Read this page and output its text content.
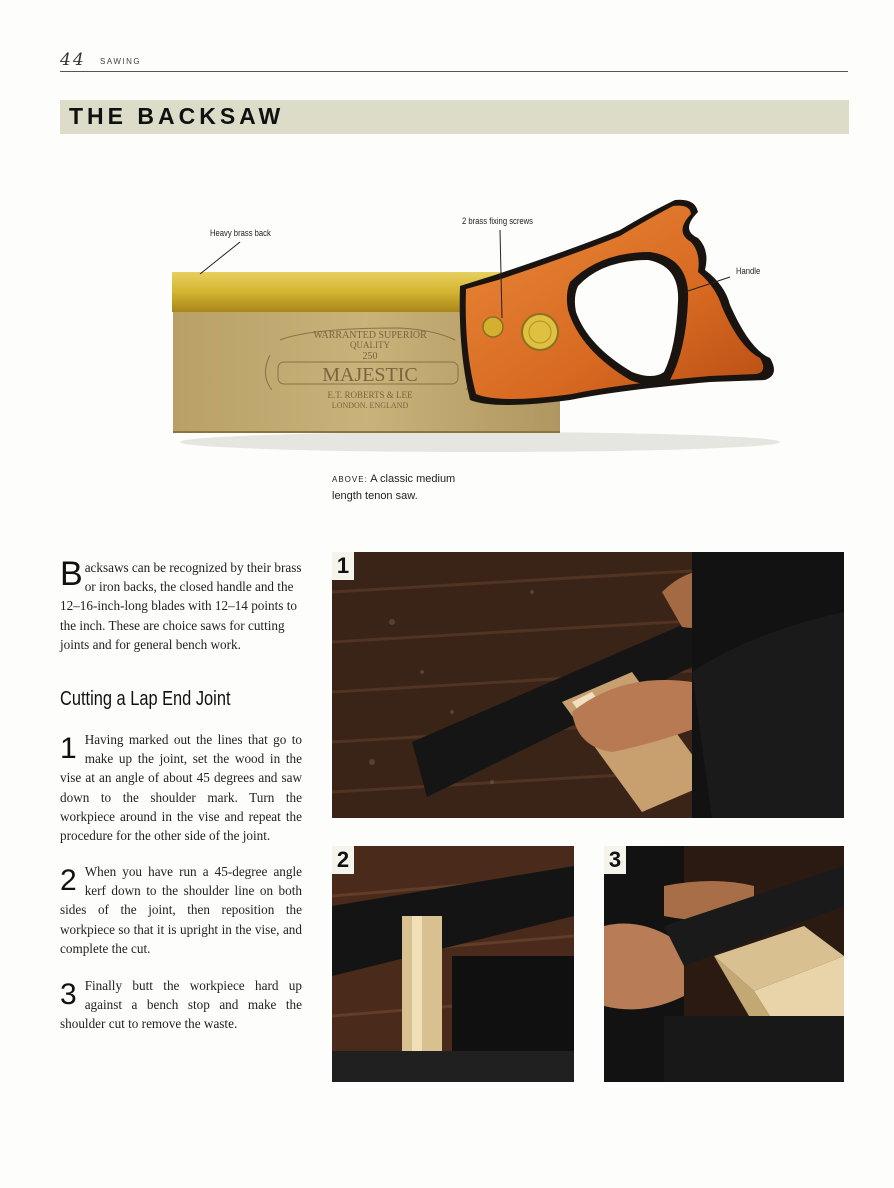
44 SAWING
THE BACKSAW
WARRANTED SUPERIOR
QUALITY
250
MAJESTIC
E.T. ROBERTS & LEE
LONDON. ENGLAND
Heavy brass back
2 brass fixing screws
Handle
ABOVE: A classic medium length tenon saw.
Backsaws can be recognized by their brass or iron backs, the closed handle and the 12–16-inch-long blades with 12–14 points to the inch. These are choice saws for cutting joints and for general bench work.
Cutting a Lap End Joint
1 Having marked out the lines that go to make up the joint, set the wood in the vise at an angle of about 45 degrees and saw down to the shoulder mark. Turn the workpiece around in the vise and repeat the procedure for the other side of the joint.
2 When you have run a 45-degree angle kerf down to the shoulder line on both sides of the joint, then reposition the workpiece so that it is upright in the vise, and complete the cut.
3 Finally butt the workpiece hard up against a bench stop and make the shoulder cut to remove the waste.
1
2	3
